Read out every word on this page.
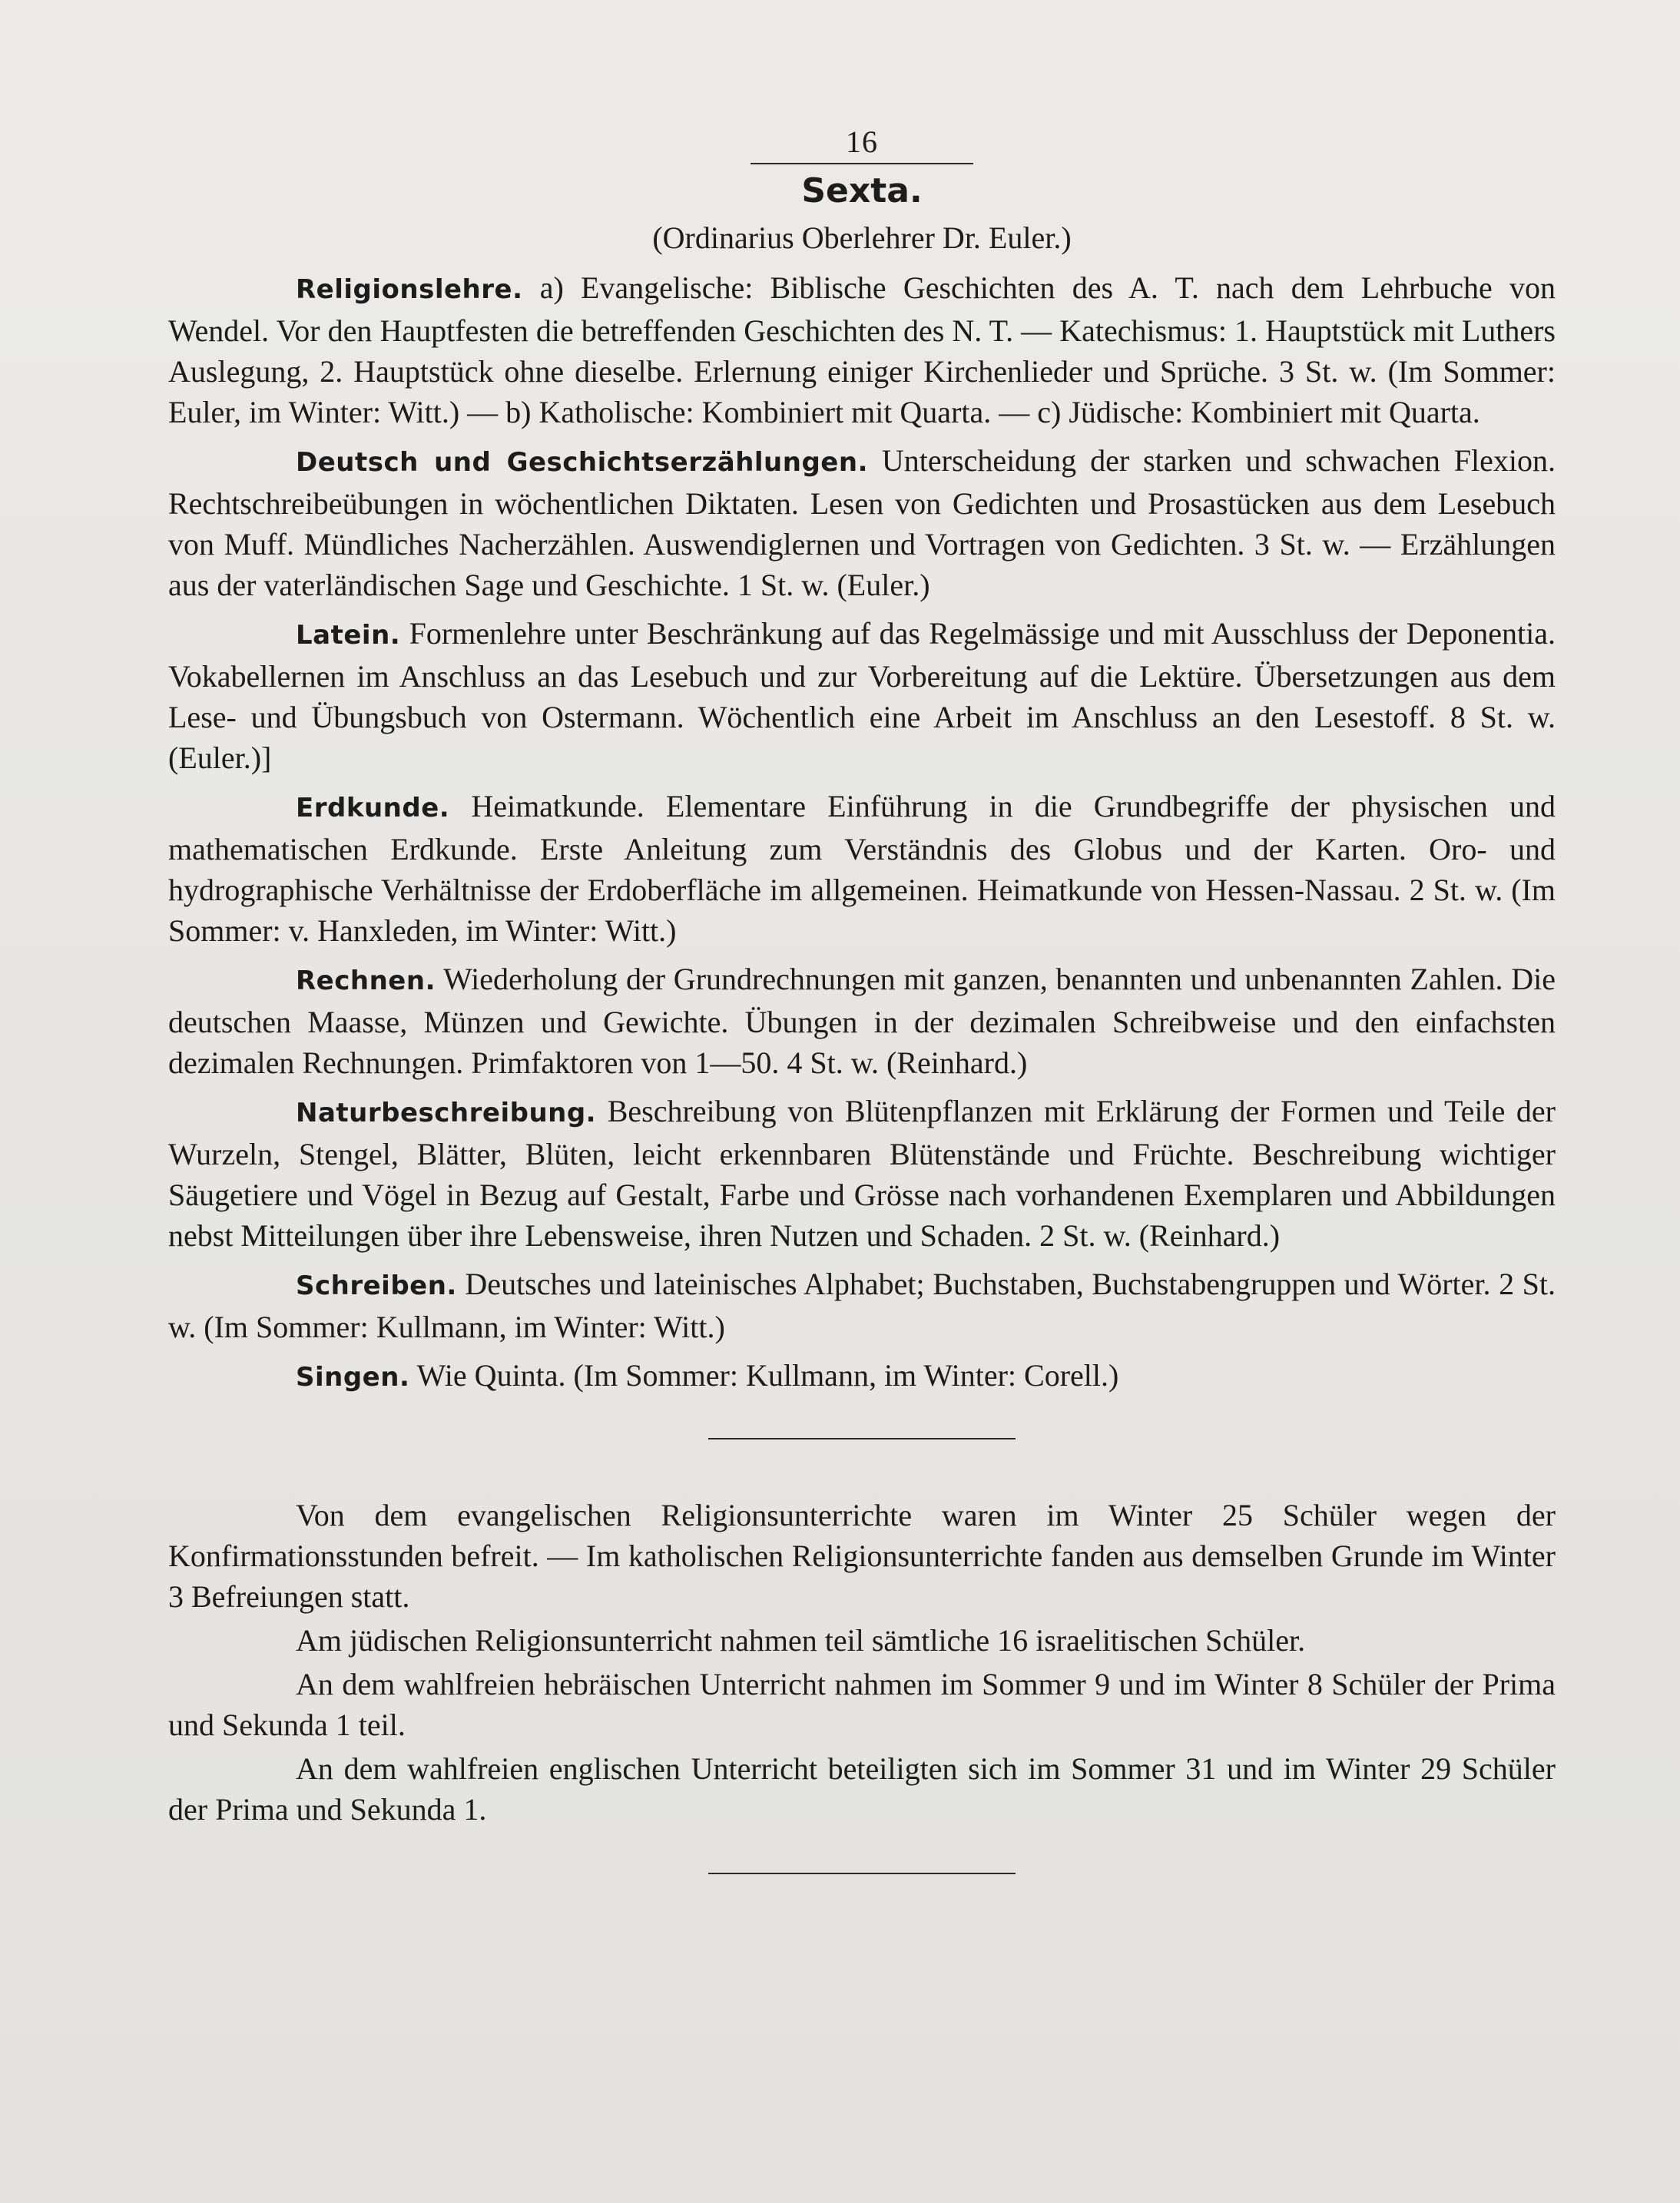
16
Sexta.
(Ordinarius Oberlehrer Dr. Euler.)

Religionslehre. a) Evangelische: Biblische Geschichten des A. T. nach dem Lehrbuche von Wendel. Vor den Hauptfesten die betreffenden Geschichten des N. T. — Katechismus: 1. Hauptstück mit Luthers Auslegung, 2. Hauptstück ohne dieselbe. Erlernung einiger Kirchenlieder und Sprüche. 3 St. w. (Im Sommer: Euler, im Winter: Witt.) — b) Katholische: Kombiniert mit Quarta. — c) Jüdische: Kombiniert mit Quarta.

Deutsch und Geschichtserzählungen. Unterscheidung der starken und schwachen Flexion. Rechtschreibeübungen in wöchentlichen Diktaten. Lesen von Gedichten und Prosastücken aus dem Lesebuch von Muff. Mündliches Nacherzählen. Auswendiglernen und Vortragen von Gedichten. 3 St. w. — Erzählungen aus der vaterländischen Sage und Geschichte. 1 St. w. (Euler.)

Latein. Formenlehre unter Beschränkung auf das Regelmässige und mit Ausschluss der Deponentia. Vokabellernen im Anschluss an das Lesebuch und zur Vorbereitung auf die Lektüre. Übersetzungen aus dem Lese- und Übungsbuch von Ostermann. Wöchentlich eine Arbeit im Anschluss an den Lesestoff. 8 St. w. (Euler.)]

Erdkunde. Heimatkunde. Elementare Einführung in die Grundbegriffe der physischen und mathematischen Erdkunde. Erste Anleitung zum Verständnis des Globus und der Karten. Oro- und hydrographische Verhältnisse der Erdoberfläche im allgemeinen. Heimatkunde von Hessen-Nassau. 2 St. w. (Im Sommer: v. Hanxleden, im Winter: Witt.)

Rechnen. Wiederholung der Grundrechnungen mit ganzen, benannten und unbenannten Zahlen. Die deutschen Maasse, Münzen und Gewichte. Übungen in der dezimalen Schreibweise und den einfachsten dezimalen Rechnungen. Primfaktoren von 1—50. 4 St. w. (Reinhard.)

Naturbeschreibung. Beschreibung von Blütenpflanzen mit Erklärung der Formen und Teile der Wurzeln, Stengel, Blätter, Blüten, leicht erkennbaren Blütenstände und Früchte. Beschreibung wichtiger Säugetiere und Vögel in Bezug auf Gestalt, Farbe und Grösse nach vorhandenen Exemplaren und Abbildungen nebst Mitteilungen über ihre Lebensweise, ihren Nutzen und Schaden. 2 St. w. (Reinhard.)

Schreiben. Deutsches und lateinisches Alphabet; Buchstaben, Buchstabengruppen und Wörter. 2 St. w. (Im Sommer: Kullmann, im Winter: Witt.)

Singen. Wie Quinta. (Im Sommer: Kullmann, im Winter: Corell.)

Von dem evangelischen Religionsunterrichte waren im Winter 25 Schüler wegen der Konfirmationsstunden befreit. — Im katholischen Religionsunterrichte fanden aus demselben Grunde im Winter 3 Befreiungen statt.

Am jüdischen Religionsunterricht nahmen teil sämtliche 16 israelitischen Schüler.

An dem wahlfreien hebräischen Unterricht nahmen im Sommer 9 und im Winter 8 Schüler der Prima und Sekunda 1 teil.

An dem wahlfreien englischen Unterricht beteiligten sich im Sommer 31 und im Winter 29 Schüler der Prima und Sekunda 1.
